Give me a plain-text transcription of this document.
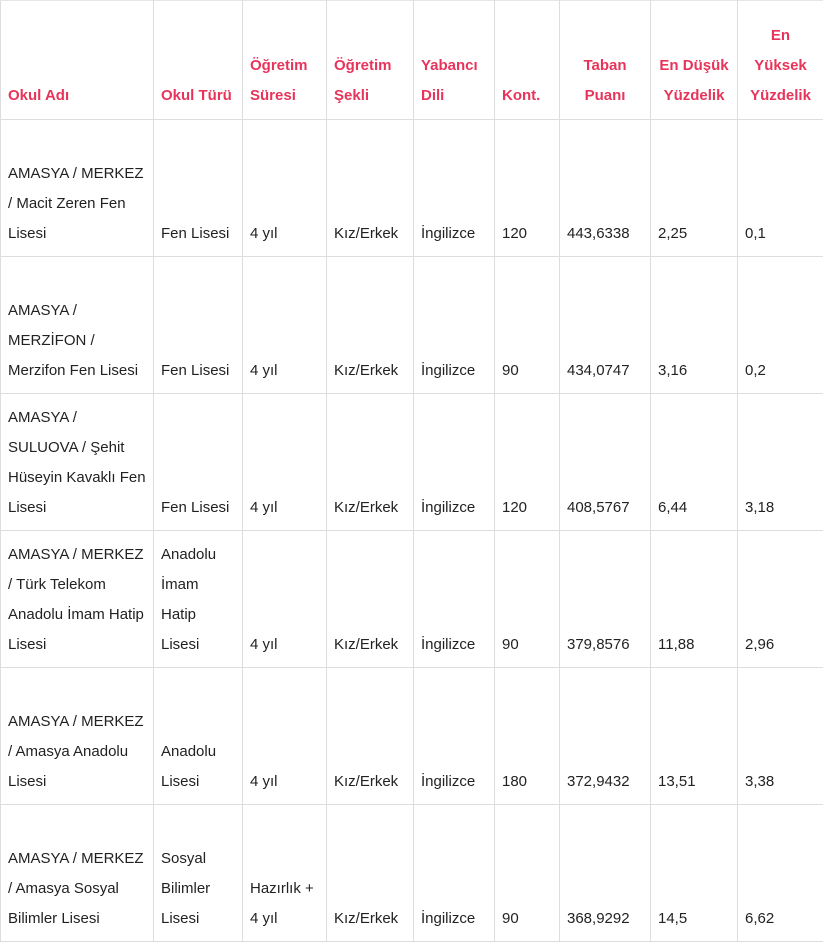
Okul Adı	Okul Türü	Öğretim Süresi	Öğretim Şekli	Yabancı Dili	Kont.	Taban Puanı	En Düşük Yüzdelik	En Yüksek Yüzdelik
AMASYA / MERKEZ / Macit Zeren Fen Lisesi	Fen Lisesi	4 yıl	Kız/Erkek	İngilizce	120	443,6338	2,25	0,1
AMASYA / MERZİFON / Merzifon Fen Lisesi	Fen Lisesi	4 yıl	Kız/Erkek	İngilizce	90	434,0747	3,16	0,2
AMASYA / SULUOVA / Şehit Hüseyin Kavaklı Fen Lisesi	Fen Lisesi	4 yıl	Kız/Erkek	İngilizce	120	408,5767	6,44	3,18
AMASYA / MERKEZ / Türk Telekom Anadolu İmam Hatip Lisesi	Anadolu İmam Hatip Lisesi	4 yıl	Kız/Erkek	İngilizce	90	379,8576	11,88	2,96
AMASYA / MERKEZ / Amasya Anadolu Lisesi	Anadolu Lisesi	4 yıl	Kız/Erkek	İngilizce	180	372,9432	13,51	3,38
AMASYA / MERKEZ / Amasya Sosyal Bilimler Lisesi	Sosyal Bilimler Lisesi	Hazırlık + 4 yıl	Kız/Erkek	İngilizce	90	368,9292	14,5	6,62
